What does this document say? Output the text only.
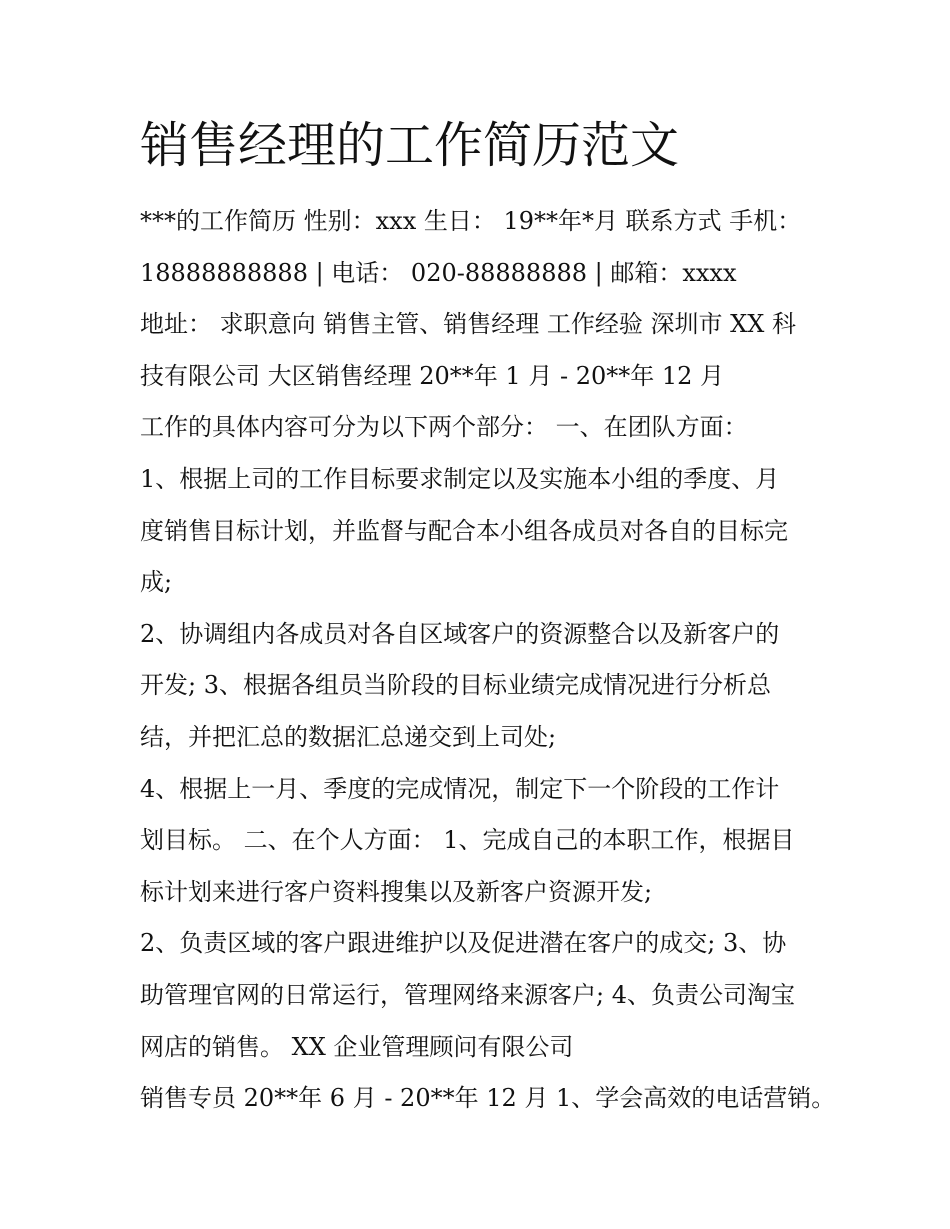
销售经理的工作简历范文
***的工作简历 性别：xxx 生日： 19**年*月 联系方式 手机：
18888888888 | 电话： 020-88888888 | 邮箱：xxxx
地址： 求职意向 销售主管、销售经理 工作经验 深圳市 XX 科
技有限公司 大区销售经理 20**年 1 月 - 20**年 12 月
工作的具体内容可分为以下两个部分： 一、在团队方面：
1、根据上司的工作目标要求制定以及实施本小组的季度、月
度销售目标计划，并监督与配合本小组各成员对各自的目标完
成;
2、协调组内各成员对各自区域客户的资源整合以及新客户的
开发; 3、根据各组员当阶段的目标业绩完成情况进行分析总
结，并把汇总的数据汇总递交到上司处;
4、根据上一月、季度的完成情况，制定下一个阶段的工作计
划目标。 二、在个人方面： 1、完成自己的本职工作，根据目
标计划来进行客户资料搜集以及新客户资源开发;
2、负责区域的客户跟进维护以及促进潜在客户的成交; 3、协
助管理官网的日常运行，管理网络来源客户; 4、负责公司淘宝
网店的销售。 XX 企业管理顾问有限公司
销售专员 20**年 6 月 - 20**年 12 月 1、学会高效的电话营销。
